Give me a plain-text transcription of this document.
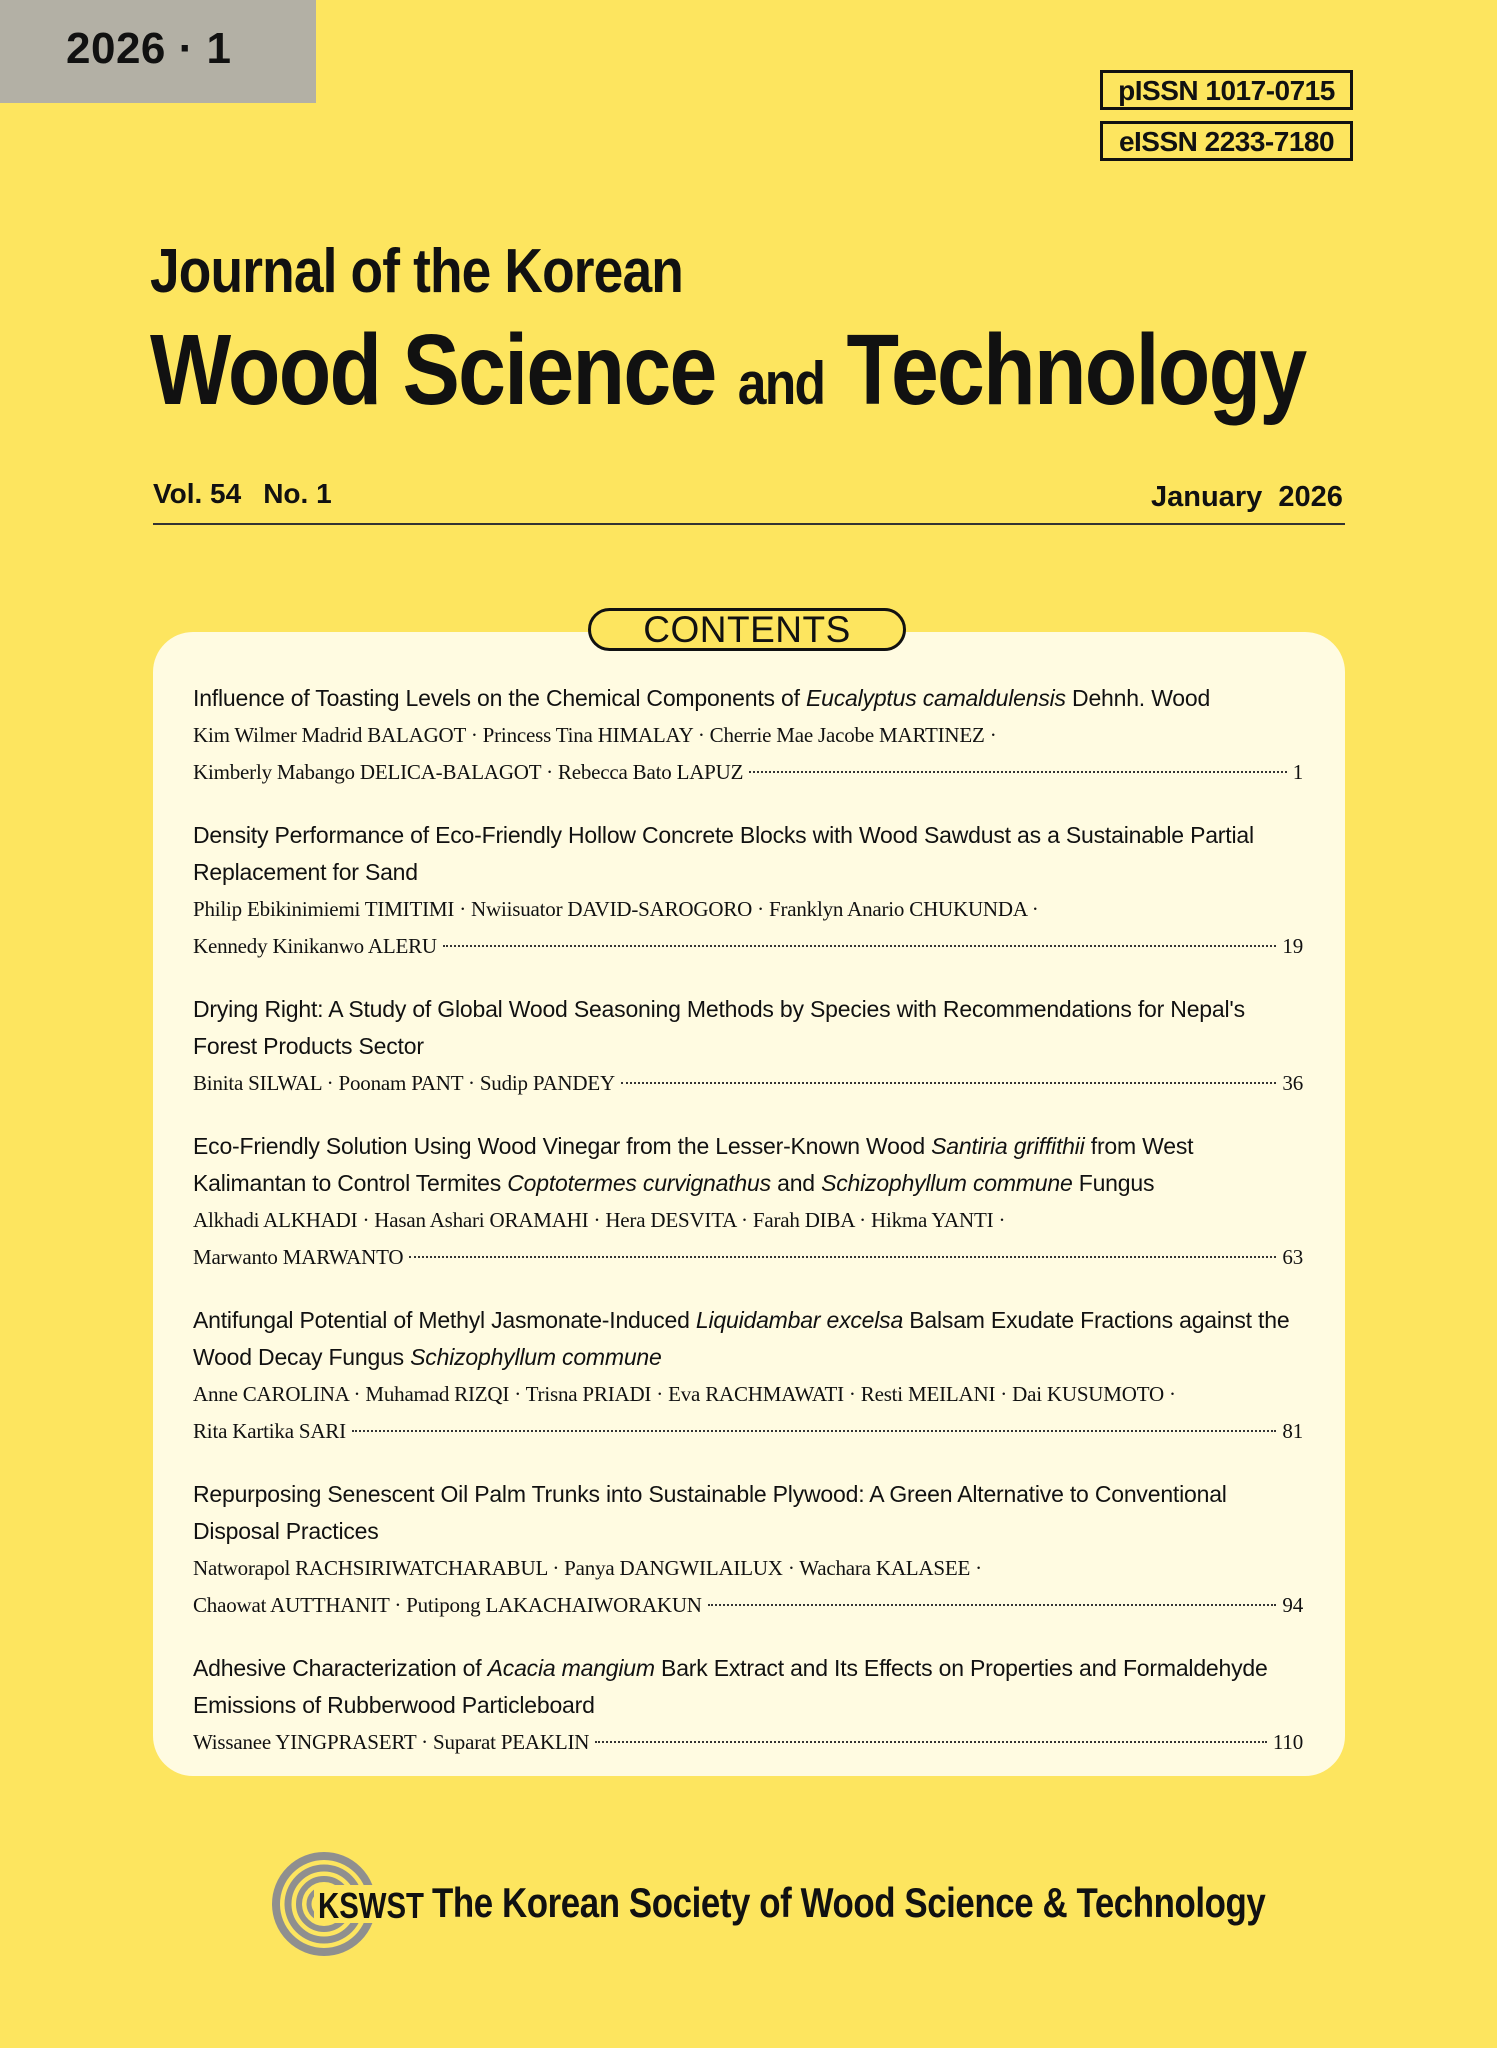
2026 · 1
pISSN 1017-0715
eISSN 2233-7180
Journal of the Korean
Wood Science and Technology
Vol. 54 No. 1	January  2026
CONTENTS
Influence of Toasting Levels on the Chemical Components of Eucalyptus camaldulensis Dehnh. Wood
Kim Wilmer Madrid BALAGOT · Princess Tina HIMALAY · Cherrie Mae Jacobe MARTINEZ ·
Kimberly Mabango DELICA-BALAGOT · Rebecca Bato LAPUZ	1
Density Performance of Eco-Friendly Hollow Concrete Blocks with Wood Sawdust as a Sustainable Partial Replacement for Sand
Philip Ebikinimiemi TIMITIMI · Nwiisuator DAVID-SAROGORO · Franklyn Anario CHUKUNDA ·
Kennedy Kinikanwo ALERU	19
Drying Right: A Study of Global Wood Seasoning Methods by Species with Recommendations for Nepal's Forest Products Sector
Binita SILWAL · Poonam PANT · Sudip PANDEY	36
Eco-Friendly Solution Using Wood Vinegar from the Lesser-Known Wood Santiria griffithii from West Kalimantan to Control Termites Coptotermes curvignathus and Schizophyllum commune Fungus
Alkhadi ALKHADI · Hasan Ashari ORAMAHI · Hera DESVITA · Farah DIBA · Hikma YANTI ·
Marwanto MARWANTO	63
Antifungal Potential of Methyl Jasmonate-Induced Liquidambar excelsa Balsam Exudate Fractions against the Wood Decay Fungus Schizophyllum commune
Anne CAROLINA · Muhamad RIZQI · Trisna PRIADI · Eva RACHMAWATI · Resti MEILANI · Dai KUSUMOTO ·
Rita Kartika SARI	81
Repurposing Senescent Oil Palm Trunks into Sustainable Plywood: A Green Alternative to Conventional Disposal Practices
Natworapol RACHSIRIWATCHARABUL · Panya DANGWILAILUX · Wachara KALASEE ·
Chaowat AUTTHANIT · Putipong LAKACHAIWORAKUN	94
Adhesive Characterization of Acacia mangium Bark Extract and Its Effects on Properties and Formaldehyde Emissions of Rubberwood Particleboard
Wissanee YINGPRASERT · Suparat PEAKLIN	110
KSWST The Korean Society of Wood Science & Technology
